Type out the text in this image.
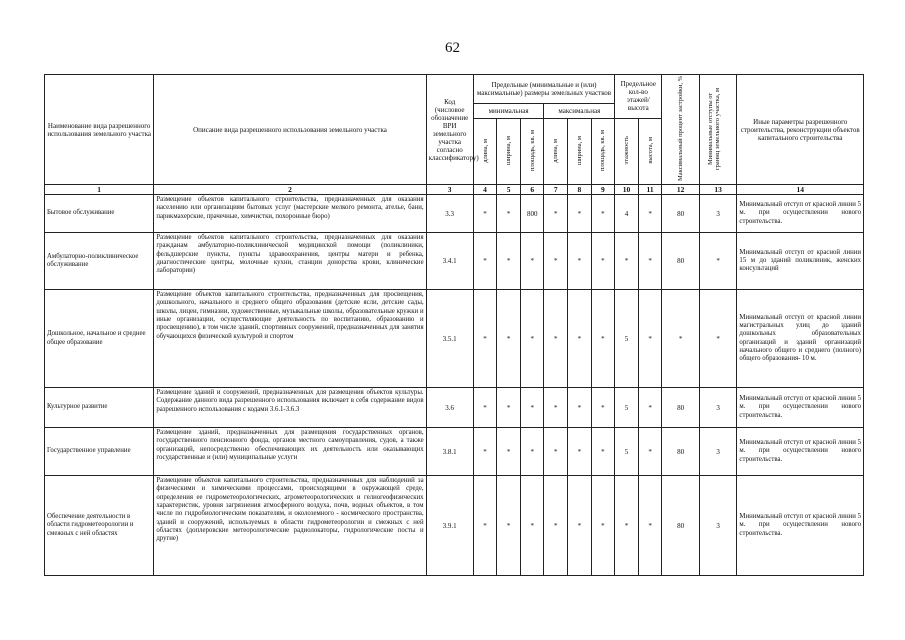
62
Наименование вида разрешенного использования земельного участка	Описание вида разрешенного использования земельного участка	Код (числовое обозначение ВРИ земельного участка согласно классификатору)	Предельные (минимальные и (или) максимальные) размеры земельных участков						Предельное кол-во этажей/ высота		Максимальный процент застройки, %	Минимальные отступы от границ земельного участка, м	Иные параметры разрешенного строительства, реконструкции объектов капитального строительства
			минимальная			максимальная							
			длина, м	ширина, м	площадь, кв. м	длина, м	ширина, м	площадь, кв. м	этажность	высота, м			
1	2	3	4	5	6	7	8	9	10	11	12	13	14
Бытовое обслуживание	Размещение объектов капитального строительства, предназначенных для оказания населению или организациям бытовых услуг (мастерские мелкого ремонта, ателье, бани, парикмахерские, прачечные, химчистки, похоронные бюро)	3.3	*	*	800	*	*	*	4	*	80	3	Минимальный отступ от красной линии 5 м. при осуществлении нового строительства.
Амбулаторно-поликлиническое обслуживание	Размещение объектов капитального строительства, предназначенных для оказания гражданам амбулаторно-поликлинической медицинской помощи (поликлиники, фельдшерские пункты, пункты здравоохранения, центры матери и ребенка, диагностические центры, молочные кухни, станции донорства крови, клинические лаборатории)	3.4.1	*	*	*	*	*	*	*	*	80	*	Минимальный отступ от красной линии 15 м до зданий поликлиник, женских консультаций
Дошкольное, начальное и среднее общее образование	Размещение объектов капитального строительства, предназначенных для просвещения, дошкольного, начального и среднего общего образования (детские ясли, детские сады, школы, лицеи, гимназии, художественные, музыкальные школы, образовательные кружки и иные организации, осуществляющие деятельность по воспитанию, образованию и просвещению), в том числе зданий, спортивных сооружений, предназначенных для занятия обучающихся физической культурой и спортом	3.5.1	*	*	*	*	*	*	5	*	*	*	Минимальный отступ от красной линии магистральных улиц до зданий дошкольных образовательных организаций и зданий организаций начального общего и среднего (полного) общего образования- 10 м.
Культурное развитие	Размещение зданий и сооружений, предназначенных для размещения объектов культуры. Содержание данного вида разрешенного использования включает в себя содержание видов разрешенного использования с кодами 3.6.1-3.6.3	3.6	*	*	*	*	*	*	5	*	80	3	Минимальный отступ от красной линии 5 м. при осуществлении нового строительства.
Государственное управление	Размещение зданий, предназначенных для размещения государственных органов, государственного пенсионного фонда, органов местного самоуправления, судов, а также организаций, непосредственно обеспечивающих их деятельность или оказывающих государственные и (или) муниципальные услуги	3.8.1	*	*	*	*	*	*	5	*	80	3	Минимальный отступ от красной линии 5 м. при осуществлении нового строительства.
Обеспечение деятельности в области гидрометеорологии и смежных с ней областях	Размещение объектов капитального строительства, предназначенных для наблюдений за физическими и химическими процессами, происходящими в окружающей среде, определения ее гидрометеорологических, агрометеорологических и гелиогеофизических характеристик, уровня загрязнения атмосферного воздуха, почв, водных объектов, в том числе по гидробиологическим показателям, и околоземного - космического пространства, зданий и сооружений, используемых в области гидрометеорологии и смежных с ней областях (доплеровские метеорологические радиолокаторы, гидрологические посты и другие)	3.9.1	*	*	*	*	*	*	*	*	80	3	Минимальный отступ от красной линии 5 м. при осуществлении нового строительства.
